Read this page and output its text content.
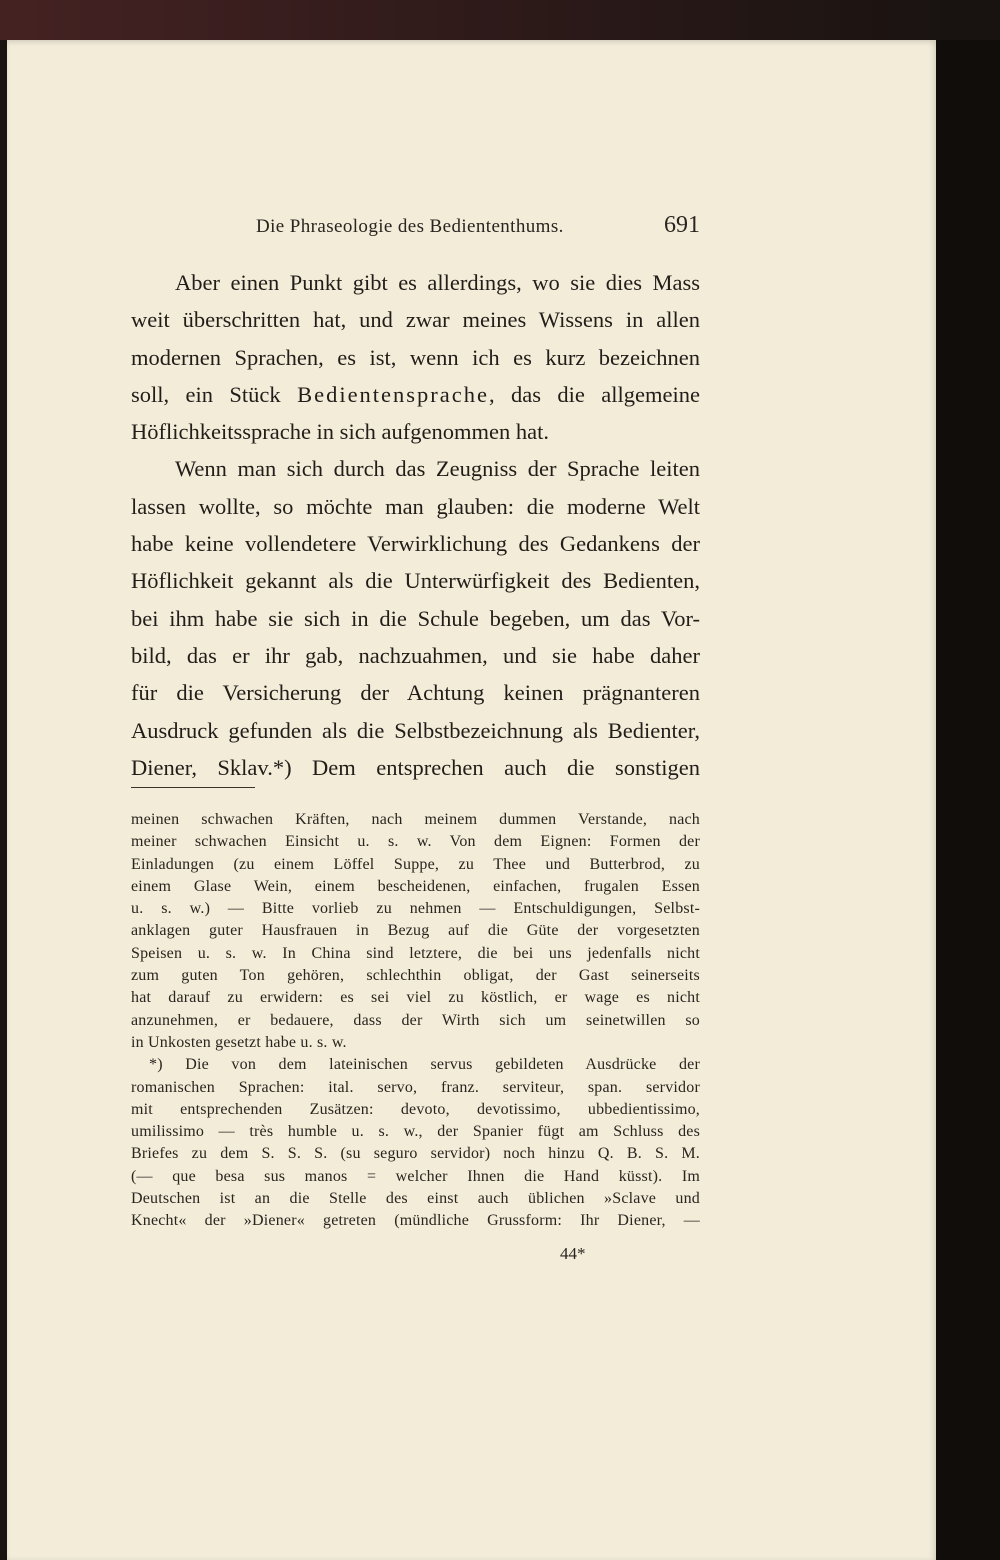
Die Phraseologie des Bediententhums.	691
Aber einen Punkt gibt es allerdings, wo sie dies Mass
weit überschritten hat, und zwar meines Wissens in allen
modernen Sprachen, es ist, wenn ich es kurz bezeichnen
soll, ein Stück Bedientensprache, das die allgemeine
Höflichkeitssprache in sich aufgenommen hat.
Wenn man sich durch das Zeugniss der Sprache leiten
lassen wollte, so möchte man glauben: die moderne Welt
habe keine vollendetere Verwirklichung des Gedankens der
Höflichkeit gekannt als die Unterwürfigkeit des Bedienten,
bei ihm habe sie sich in die Schule begeben, um das Vor-
bild, das er ihr gab, nachzuahmen, und sie habe daher
für die Versicherung der Achtung keinen prägnanteren
Ausdruck gefunden als die Selbstbezeichnung als Bedienter,
Diener, Sklav.*) Dem entsprechen auch die sonstigen
meinen schwachen Kräften, nach meinem dummen Verstande, nach
meiner schwachen Einsicht u. s. w. Von dem Eignen: Formen der
Einladungen (zu einem Löffel Suppe, zu Thee und Butterbrod, zu
einem Glase Wein, einem bescheidenen, einfachen, frugalen Essen
u. s. w.) — Bitte vorlieb zu nehmen — Entschuldigungen, Selbst-
anklagen guter Hausfrauen in Bezug auf die Güte der vorgesetzten
Speisen u. s. w. In China sind letztere, die bei uns jedenfalls nicht
zum guten Ton gehören, schlechthin obligat, der Gast seinerseits
hat darauf zu erwidern: es sei viel zu köstlich, er wage es nicht
anzunehmen, er bedauere, dass der Wirth sich um seinetwillen so
in Unkosten gesetzt habe u. s. w.
*) Die von dem lateinischen servus gebildeten Ausdrücke der
romanischen Sprachen: ital. servo, franz. serviteur, span. servidor
mit entsprechenden Zusätzen: devoto, devotissimo, ubbedientissimo,
umilissimo — très humble u. s. w., der Spanier fügt am Schluss des
Briefes zu dem S. S. S. (su seguro servidor) noch hinzu Q. B. S. M.
(— que besa sus manos = welcher Ihnen die Hand küsst). Im
Deutschen ist an die Stelle des einst auch üblichen »Sclave und
Knecht« der »Diener« getreten (mündliche Grussform: Ihr Diener, —
44*
